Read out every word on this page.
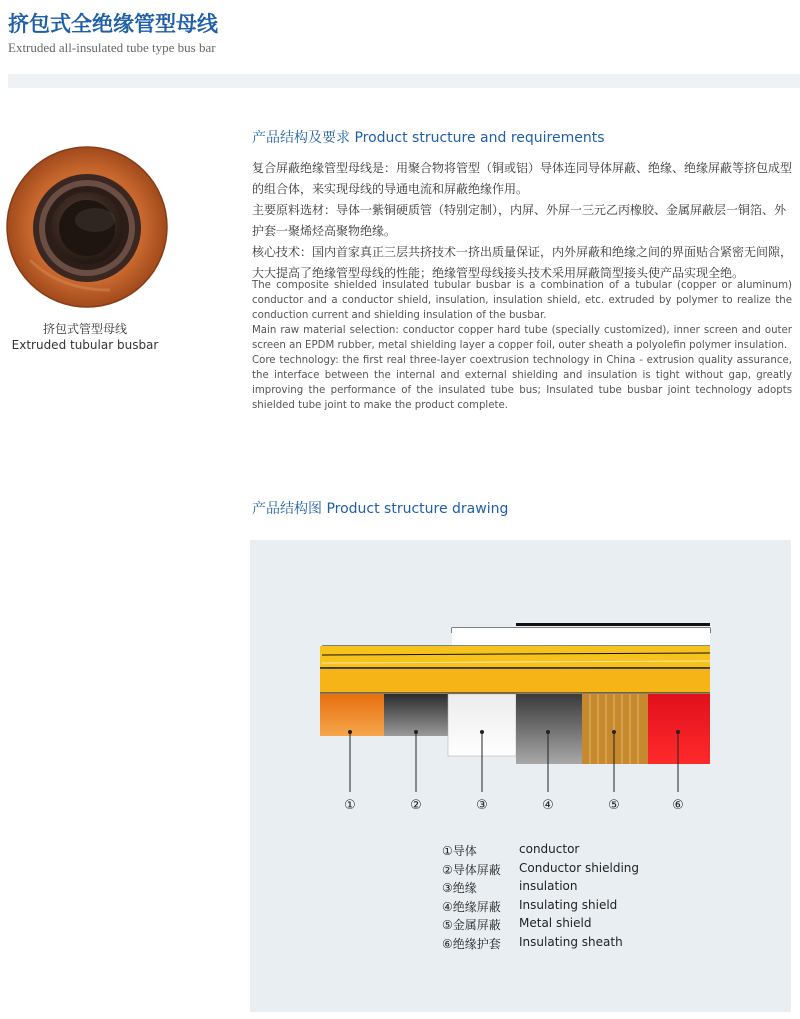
挤包式全绝缘管型母线
Extruded all-insulated tube type bus bar
挤包式管型母线
Extruded tubular busbar
产品结构及要求 Product structure and requirements
复合屏蔽绝缘管型母线是：用聚合物将管型（铜或铝）导体连同导体屏蔽、绝缘、绝缘屏蔽等挤包成型的组合体，来实现母线的导通电流和屏蔽绝缘作用。
主要原料选材：导体一紫铜硬质管（特别定制），内屏、外屏一三元乙丙橡胶、金属屏蔽层一铜箔、外护套一聚烯烃高聚物绝缘。
核心技术：国内首家真正三层共挤技术一挤出质量保证，内外屏蔽和绝缘之间的界面贴合紧密无间隙，大大提高了绝缘管型母线的性能；绝缘管型母线接头技术采用屏蔽筒型接头使产品实现全绝。
The composite shielded insulated tubular busbar is a combination of a tubular (copper or aluminum) conductor and a conductor shield, insulation, insulation shield, etc. extruded by polymer to realize the conduction current and shielding insulation of the busbar.
Main raw material selection: conductor copper hard tube (specially customized), inner screen and outer screen an EPDM rubber, metal shielding layer a copper foil, outer sheath a polyolefin polymer insulation.
Core technology: the first real three-layer coextrusion technology in China - extrusion quality assurance, the interface between the internal and external shielding and insulation is tight without gap, greatly improving the performance of the insulated tube bus; Insulated tube busbar joint technology adopts shielded tube joint to make the product complete.
产品结构图 Product structure drawing
①	②	③	④	⑤	⑥
①导体	conductor
②导体屏蔽	Conductor shielding
③绝缘	insulation
④绝缘屏蔽	Insulating shield
⑤金属屏蔽	Metal shield
⑥绝缘护套	Insulating sheath
